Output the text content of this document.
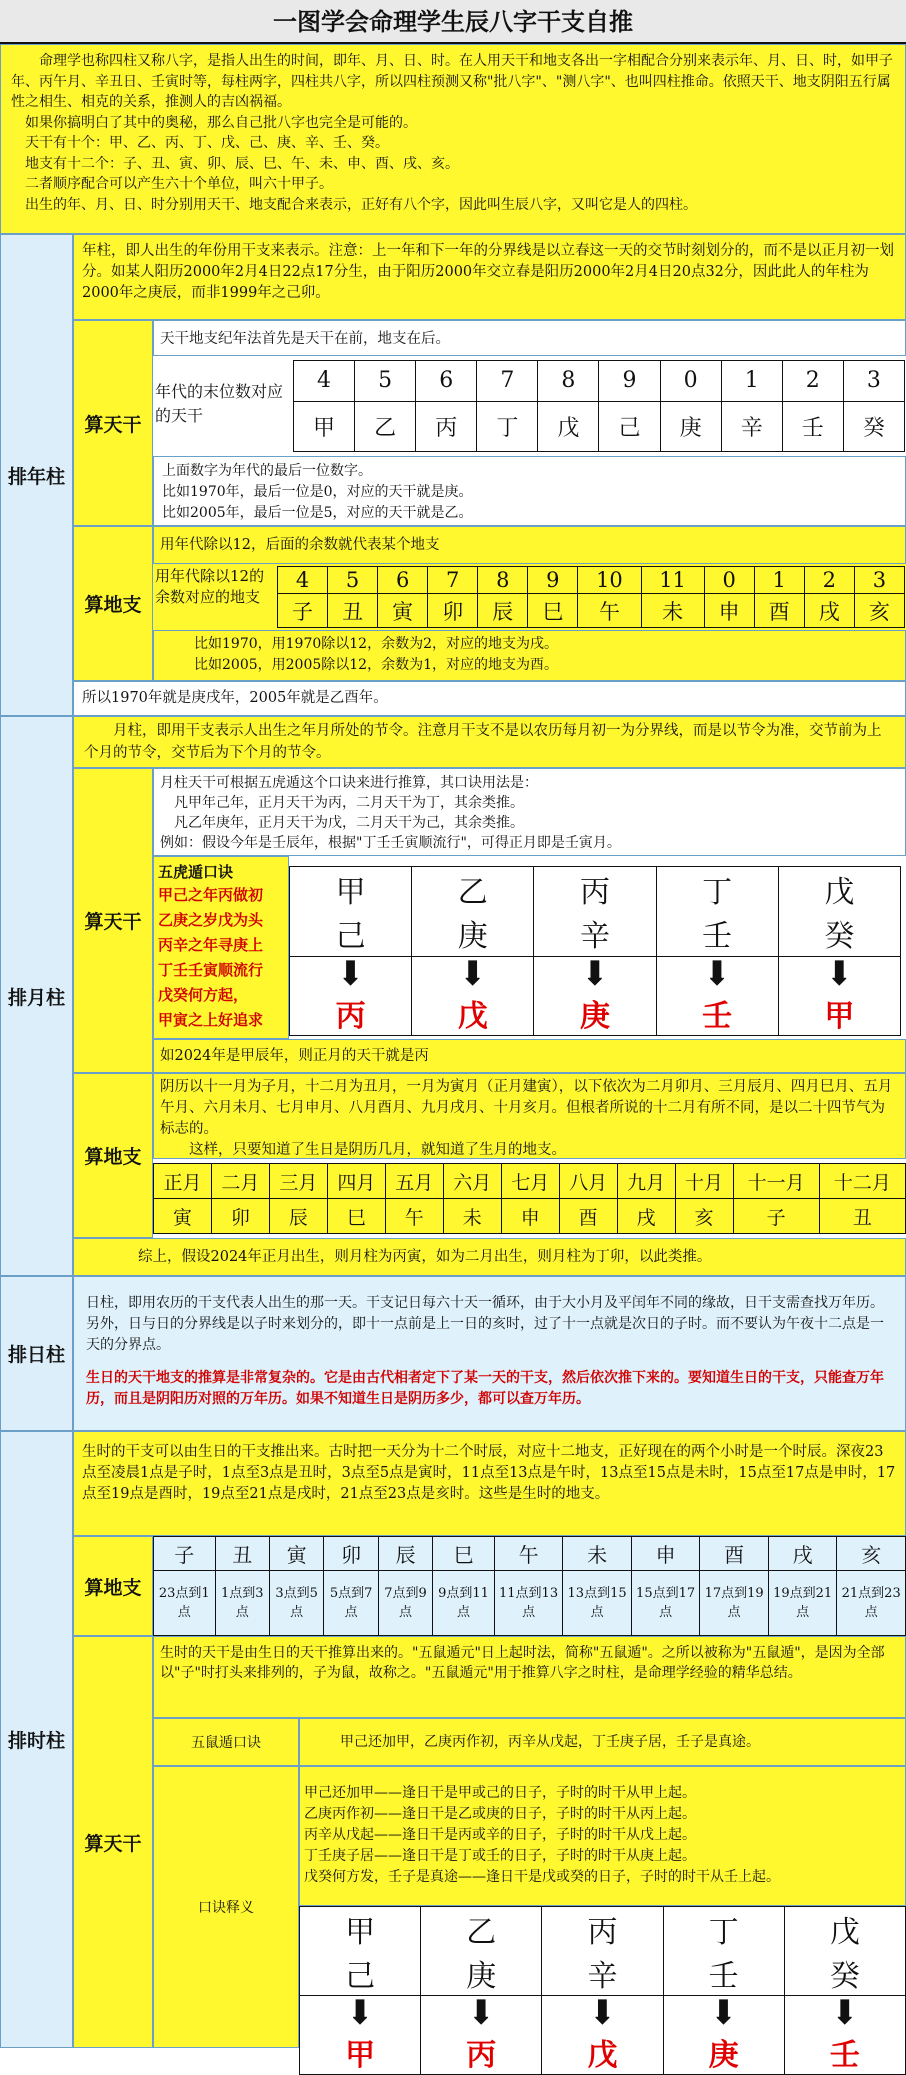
一图学会命理学生辰八字干支自推

　　命理学也称四柱又称八字，是指人出生的时间，即年、月、日、时。在人用天干和地支各出一字相配合分别来表示年、月、日、时，如甲子年、丙午月、辛丑日、壬寅时等，每柱两字，四柱共八字，所以四柱预测又称"批八字"、"测八字"、也叫四柱推命。依照天干、地支阴阳五行属性之相生、相克的关系，推测人的吉凶祸福。

　如果你搞明白了其中的奥秘，那么自己批八字也完全是可能的。

　天干有十个：甲、乙、丙、丁、戊、己、庚、辛、壬、癸。

　地支有十二个：子、丑、寅、卯、辰、巳、午、未、申、酉、戌、亥。

　二者顺序配合可以产生六十个单位，叫六十甲子。

　出生的年、月、日、时分别用天干、地支配合来表示，正好有八个字，因此叫生辰八字，又叫它是人的四柱。

排年柱
年柱，即人出生的年份用干支来表示。注意：上一年和下一年的分界线是以立春这一天的交节时刻划分的，而不是以正月初一划分。如某人阳历2000年2月4日22点17分生，由于阳历2000年交立春是阳历2000年2月4日20点32分，因此此人的年柱为2000年之庚辰，而非1999年之己卯。
算天干
天干地支纪年法首先是天干在前，地支在后。
年代的末位数对应的天干
4	5	6	7	8	9	0	1	2	3
甲	乙	丙	丁	戊	己	庚	辛	壬	癸

上面数字为年代的最后一位数字。

比如1970年，最后一位是0，对应的天干就是庚。

比如2005年，最后一位是5，对应的天干就是乙。

算地支
用年代除以12，后面的余数就代表某个地支
用年代除以12的余数对应的地支
4	5	6	7	8	9	10	11	0	1	2	3
子	丑	寅	卯	辰	巳	午	未	申	酉	戌	亥

比如1970，用1970除以12，余数为2，对应的地支为戌。

比如2005，用2005除以12，余数为1，对应的地支为酉。

所以1970年就是庚戌年，2005年就是乙酉年。
排月柱
　　月柱，即用干支表示人出生之年月所处的节令。注意月干支不是以农历每月初一为分界线，而是以节令为准，交节前为上个月的节令，交节后为下个月的节令。
算天干

月柱天干可根据五虎遁这个口诀来进行推算，其口诀用法是：

　凡甲年己年，正月天干为丙，二月天干为丁，其余类推。

　凡乙年庚年，正月天干为戊，二月天干为己，其余类推。

例如：假设今年是壬辰年，根据"丁壬壬寅顺流行"，可得正月即是壬寅月。

五虎遁口诀
甲己之年丙做初
乙庚之岁戊为头
丙辛之年寻庚上
丁壬壬寅顺流行
戊癸何方起，
甲寅之上好追求
甲	乙	丙	丁	戊
己	庚	辛	壬	癸
⬇	⬇	⬇	⬇	⬇
丙	戊	庚	壬	甲
如2024年是甲辰年，则正月的天干就是丙
算地支

阴历以十一月为子月，十二月为丑月，一月为寅月（正月建寅），以下依次为二月卯月、三月辰月、四月巳月、五月午月、六月未月、七月申月、八月酉月、九月戌月、十月亥月。但根者所说的十二月有所不同，是以二十四节气为标志的。

　　这样，只要知道了生日是阴历几月，就知道了生月的地支。

正月	二月	三月	四月	五月	六月	七月	八月	九月	十月	十一月	十二月
寅	卯	辰	巳	午	未	申	酉	戌	亥	子	丑
综上，假设2024年正月出生，则月柱为丙寅，如为二月出生，则月柱为丁卯，以此类推。
排日柱

日柱，即用农历的干支代表人出生的那一天。干支记日每六十天一循环，由于大小月及平闰年不同的缘故，日干支需查找万年历。另外，日与日的分界线是以子时来划分的，即十一点前是上一日的亥时，过了十一点就是次日的子时。而不要认为午夜十二点是一天的分界点。

生日的天干地支的推算是非常复杂的。它是由古代相者定下了某一天的干支，然后依次推下来的。要知道生日的干支，只能查万年历，而且是阴阳历对照的万年历。如果不知道生日是阴历多少，都可以查万年历。

排时柱
生时的干支可以由生日的干支推出来。古时把一天分为十二个时辰，对应十二地支，正好现在的两个小时是一个时辰。深夜23点至凌晨1点是子时，1点至3点是丑时，3点至5点是寅时，11点至13点是午时，13点至15点是未时，15点至17点是申时，17点至19点是酉时，19点至21点是戌时，21点至23点是亥时。这些是生时的地支。
算地支
子	丑	寅	卯	辰	巳	午	未	申	酉	戌	亥
23点到1点	1点到3点	3点到5点	5点到7点	7点到9点	9点到11点	11点到13点	13点到15点	15点到17点	17点到19点	19点到21点	21点到23点
算天干
生时的天干是由生日的天干推算出来的。"五鼠遁元"日上起时法，简称"五鼠遁"。之所以被称为"五鼠遁"，是因为全部以"子"时打头来排列的，子为鼠，故称之。"五鼠遁元"用于推算八字之时柱，是命理学经验的精华总结。
五鼠遁口诀	甲己还加甲，乙庚丙作初，丙辛从戊起，丁壬庚子居，壬子是真途。
口诀释义

甲己还加甲——逢日干是甲或己的日子，子时的时干从甲上起。

乙庚丙作初——逢日干是乙或庚的日子，子时的时干从丙上起。

丙辛从戊起——逢日干是丙或辛的日子，子时的时干从戊上起。

丁壬庚子居——逢日干是丁或壬的日子，子时的时干从庚上起。

戊癸何方发，壬子是真途——逢日干是戊或癸的日子，子时的时干从壬上起。

甲	乙	丙	丁	戊
己	庚	辛	壬	癸
⬇	⬇	⬇	⬇	⬇
甲	丙	戊	庚	壬
